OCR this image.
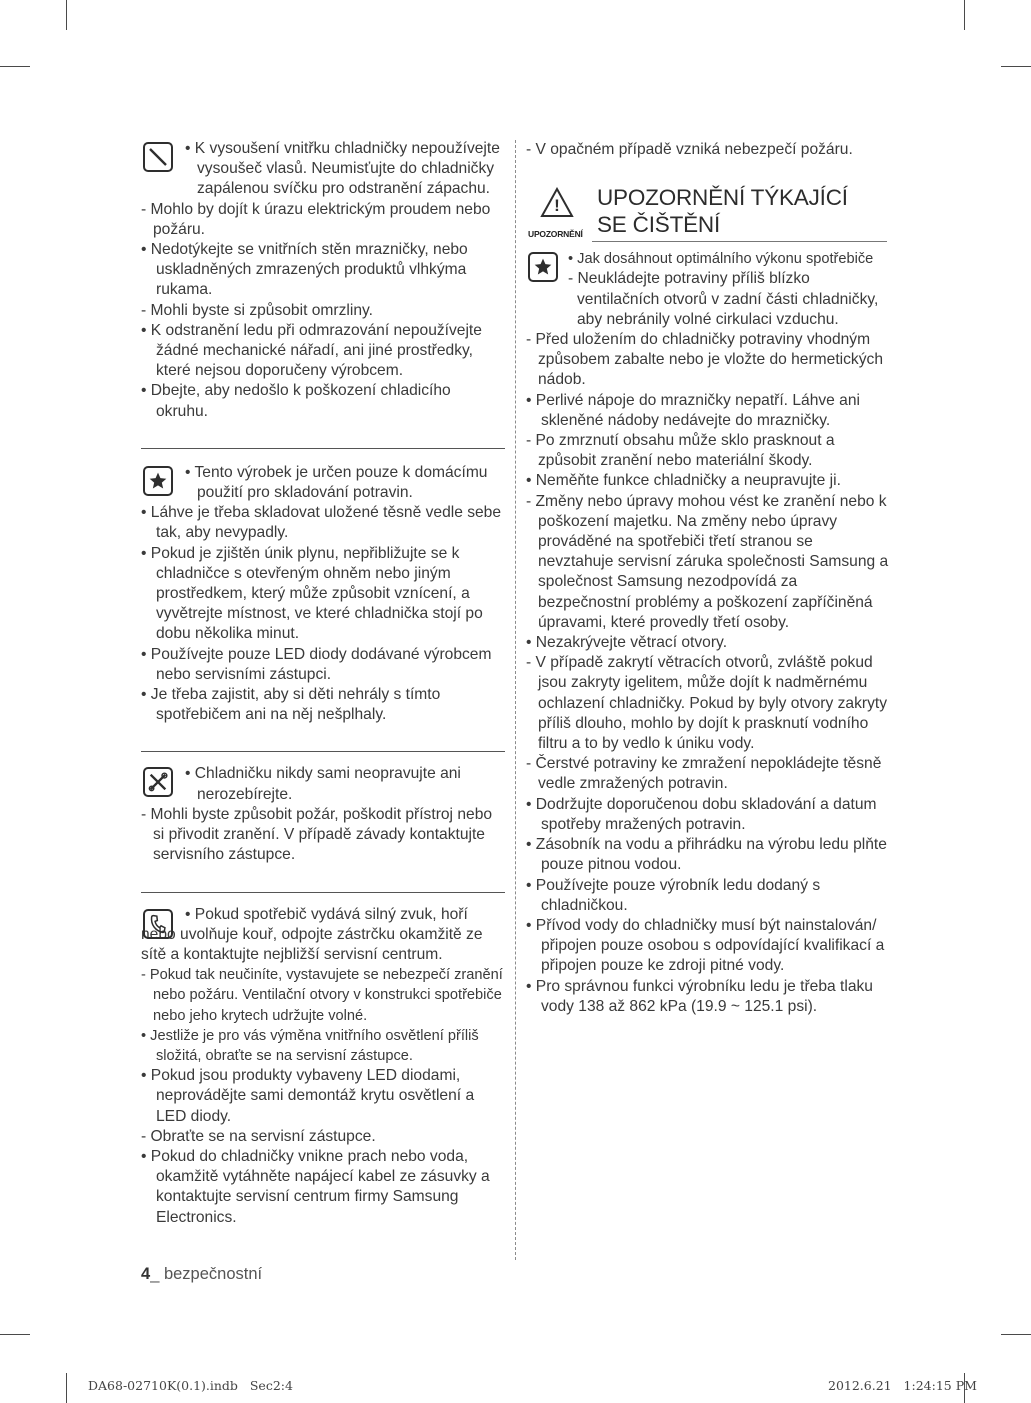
• K vysoušení vnitřku chladničky nepoužívejte vysoušeč vlasů. Neumisťujte do chladničky zapálenou svíčku pro odstranění zápachu.

- Mohlo by dojít k úrazu elektrickým proudem nebo požáru.

• Nedotýkejte se vnitřních stěn mrazničky, nebo uskladněných zmrazených produktů vlhkýma rukama.

- Mohli byste si způsobit omrzliny.

• K odstranění ledu při odmrazování nepoužívejte žádné mechanické nářadí, ani jiné prostředky, které nejsou doporučeny výrobcem.

• Dbejte, aby nedošlo k poškození chladicího okruhu.

• Tento výrobek je určen pouze k domácímu použití pro skladování potravin.

• Láhve je třeba skladovat uložené těsně vedle sebe tak, aby nevypadly.

• Pokud je zjištěn únik plynu, nepřibližujte se k chladničce s otevřeným ohněm nebo jiným prostředkem, který může způsobit vznícení, a vyvětrejte místnost, ve které chladnička stojí po dobu několika minut.

• Používejte pouze LED diody dodávané výrobcem nebo servisními zástupci.

• Je třeba zajistit, aby si děti nehrály s tímto spotřebičem ani na něj nešplhaly.

• Chladničku nikdy sami neopravujte ani nerozebírejte.

- Mohli byste způsobit požár, poškodit přístroj nebo si přivodit zranění. V případě závady kontaktujte servisního zástupce.

• Pokud spotřebič vydává silný zvuk, hoří nebo uvolňuje kouř, odpojte zástrčku okamžitě ze sítě a kontaktujte nejbližší servisní centrum.

- Pokud tak neučiníte, vystavujete se nebezpečí zranění nebo požáru. Ventilační otvory v konstrukci spotřebiče nebo jeho krytech udržujte volné.

• Jestliže je pro vás výměna vnitřního osvětlení příliš složitá, obraťte se na servisní zástupce.

• Pokud jsou produkty vybaveny LED diodami, neprovádějte sami demontáž krytu osvětlení a LED diody.

- Obraťte se na servisní zástupce.

• Pokud do chladničky vnikne prach nebo voda, okamžitě vytáhněte napájecí kabel ze zásuvky a kontaktujte servisní centrum firmy Samsung Electronics.

- V opačném případě vzniká nebezpečí požáru.

!
UPOZORNĚNÍ
UPOZORNĚNÍ TÝKAJÍCÍ
SE ČIŠTĚNÍ

• Jak dosáhnout optimálního výkonu spotřebiče

- Neukládejte potraviny příliš blízko ventilačních otvorů v zadní části chladničky, aby nebránily volné cirkulaci vzduchu.

- Před uložením do chladničky potraviny vhodným způsobem zabalte nebo je vložte do hermetických nádob.

• Perlivé nápoje do mrazničky nepatří. Láhve ani skleněné nádoby nedávejte do mrazničky.

- Po zmrznutí obsahu může sklo prasknout a způsobit zranění nebo materiální škody.

• Neměňte funkce chladničky a neupravujte ji.

- Změny nebo úpravy mohou vést ke zranění nebo k poškození majetku. Na změny nebo úpravy prováděné na spotřebiči třetí stranou se nevztahuje servisní záruka společnosti Samsung a společnost Samsung nezodpovídá za bezpečnostní problémy a poškození zapříčiněná úpravami, které provedly třetí osoby.

• Nezakrývejte větrací otvory.

- V případě zakrytí větracích otvorů, zvláště pokud jsou zakryty igelitem, může dojít k nadměrnému ochlazení chladničky. Pokud by byly otvory zakryty příliš dlouho, mohlo by dojít k prasknutí vodního filtru a to by vedlo k úniku vody.

- Čerstvé potraviny ke zmražení nepokládejte těsně vedle zmražených potravin.

• Dodržujte doporučenou dobu skladování a datum spotřeby mražených potravin.

• Zásobník na vodu a přihrádku na výrobu ledu plňte pouze pitnou vodou.

• Používejte pouze výrobník ledu dodaný s chladničkou.

• Přívod vody do chladničky musí být nainstalován/ připojen pouze osobou s odpovídající kvalifikací a připojen pouze ke zdroji pitné vody.

• Pro správnou funkci výrobníku ledu je třeba tlaku vody 138 až 862 kPa (19.9 ~ 125.1 psi).

4_ bezpečnostní
DA68-02710K(0.1).indb   Sec2:4	2012.6.21   1:24:15 PM
